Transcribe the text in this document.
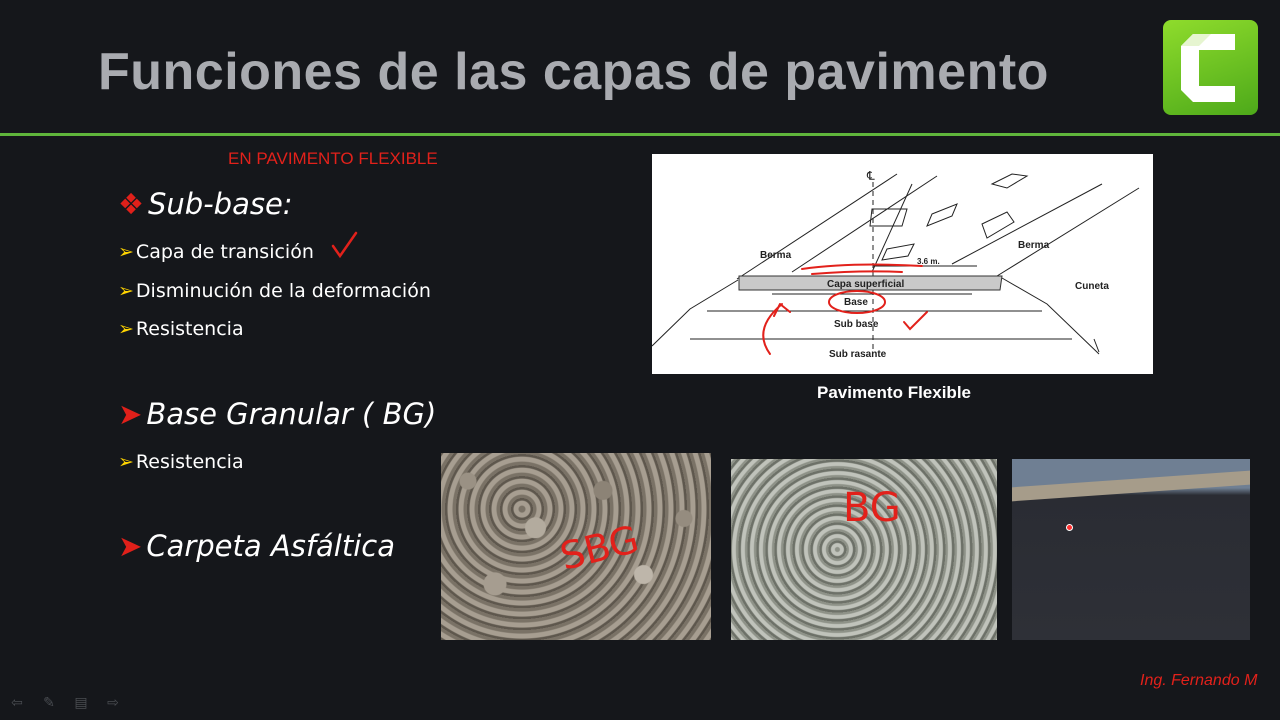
Funciones de las capas de pavimento
EN PAVIMENTO FLEXIBLE
❖ Sub-base:
➢ Capa de transición
➢ Disminución de la deformación
➢ Resistencia
➤ Base Granular ( BG)
➢ Resistencia
➤ Carpeta Asfáltica
3.6 m.
℄
Berma
Berma
Capa superficial
Base
Sub base
Sub rasante
Cuneta
Pavimento Flexible
SBG
BG
Ing. Fernando M
⇦ ✎ ▤ ⇨
